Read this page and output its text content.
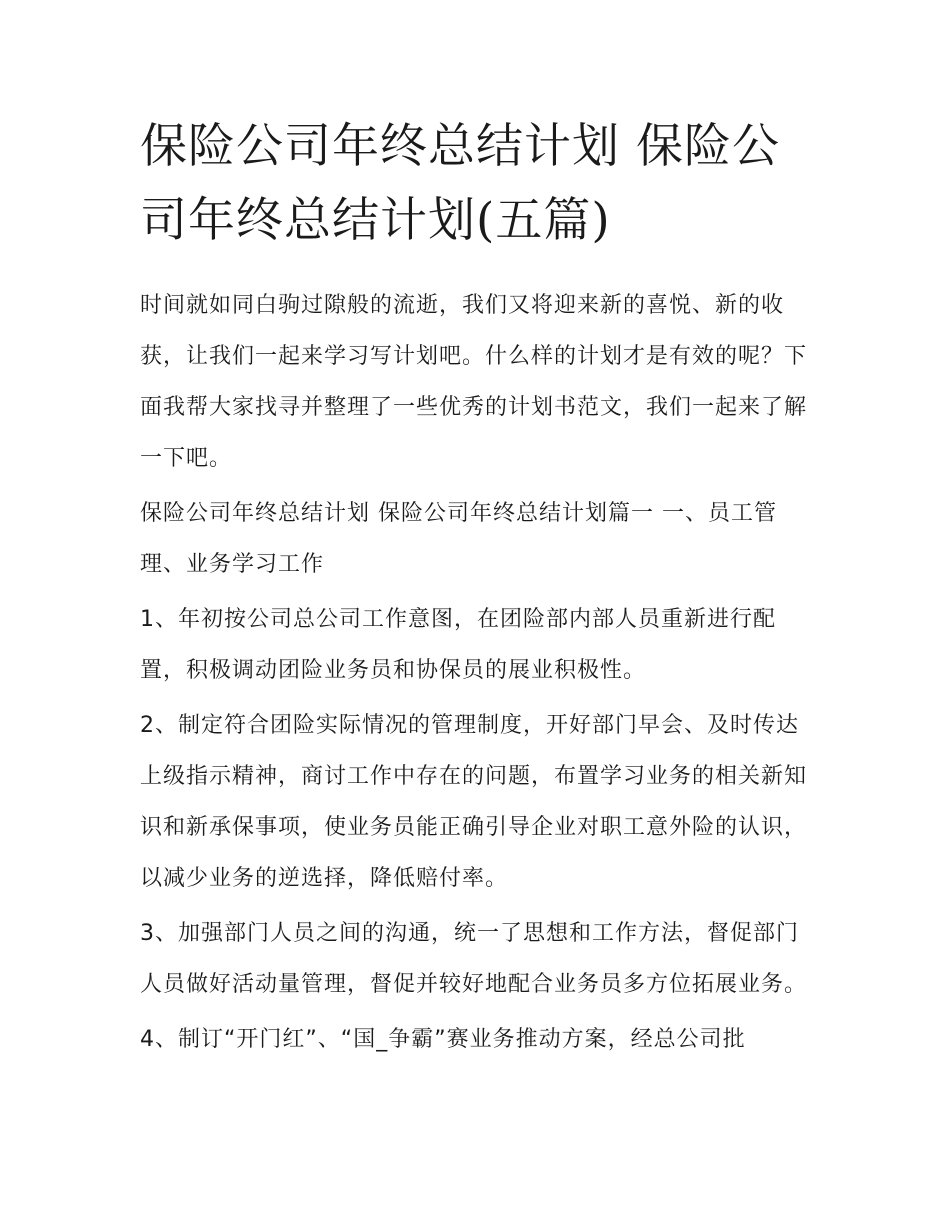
保险公司年终总结计划 保险公司年终总结计划(五篇)

时间就如同白驹过隙般的流逝，我们又将迎来新的喜悦、新的收获，让我们一起来学习写计划吧。什么样的计划才是有效的呢？下面我帮大家找寻并整理了一些优秀的计划书范文，我们一起来了解一下吧。

保险公司年终总结计划 保险公司年终总结计划篇一 一、员工管理、业务学习工作

1、年初按公司总公司工作意图，在团险部内部人员重新进行配置，积极调动团险业务员和协保员的展业积极性。

2、制定符合团险实际情况的管理制度，开好部门早会、及时传达上级指示精神，商讨工作中存在的问题，布置学习业务的相关新知识和新承保事项，使业务员能正确引导企业对职工意外险的认识，以减少业务的逆选择，降低赔付率。

3、加强部门人员之间的沟通，统一了思想和工作方法，督促部门人员做好活动量管理，督促并较好地配合业务员多方位拓展业务。

4、制订“开门红”、“国_争霸”赛业务推动方案，经总公司批
